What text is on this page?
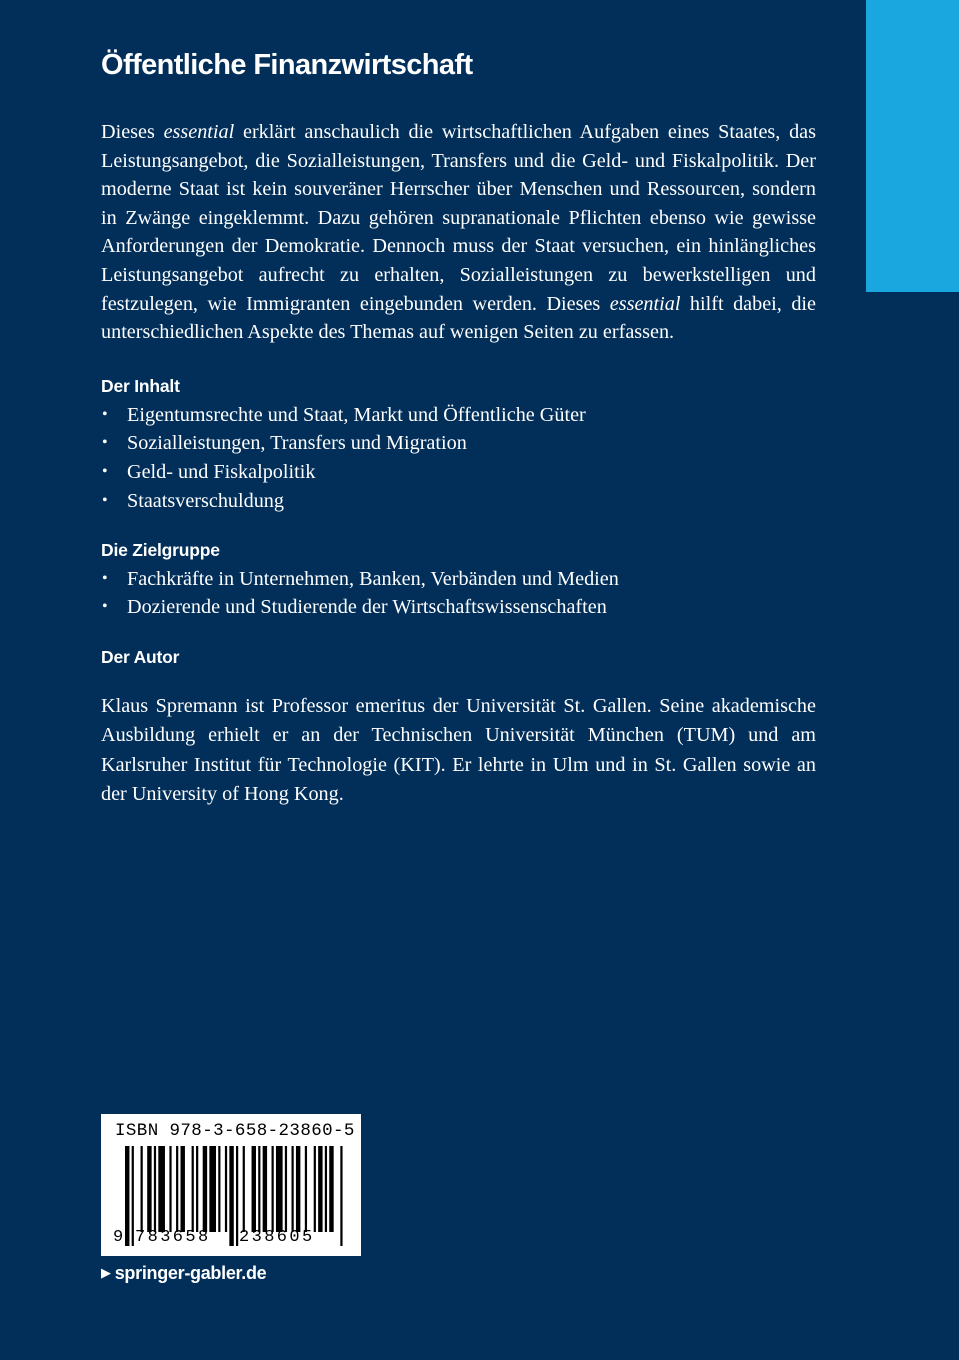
Öffentliche Finanzwirtschaft

Dieses essential erklärt anschaulich die wirtschaftlichen Aufgaben eines Staates, das Leistungsangebot, die Sozialleistungen, Transfers und die Geld- und Fiskalpolitik. Der moderne Staat ist kein souveräner Herrscher über Menschen und Ressourcen, sondern in Zwänge eingeklemmt. Dazu gehören supranationale Pflichten ebenso wie gewisse Anforderungen der Demokratie. Dennoch muss der Staat versuchen, ein hinlängliches Leistungsangebot aufrecht zu erhalten, Sozialleistungen zu bewerkstelligen und festzulegen, wie Immigranten eingebunden werden. Dieses essential hilft dabei, die unterschiedlichen Aspekte des Themas auf wenigen Seiten zu erfassen.

Der Inhalt
• Eigentumsrechte und Staat, Markt und Öffentliche Güter
• Sozialleistungen, Transfers und Migration
• Geld- und Fiskalpolitik
• Staatsverschuldung
Die Zielgruppe
• Fachkräfte in Unternehmen, Banken, Verbänden und Medien
• Dozierende und Studierende der Wirtschaftswissenschaften
Der Autor

Klaus Spremann ist Professor emeritus der Universität St. Gallen. Seine akademische Ausbildung erhielt er an der Technischen Universität München (TUM) und am Karlsruher Institut für Technologie (KIT). Er lehrte in Ulm und in St. Gallen sowie an der University of Hong Kong.

ISBN 978-3-658-23860-5
9 783658 238605
▶ springer-gabler.de
